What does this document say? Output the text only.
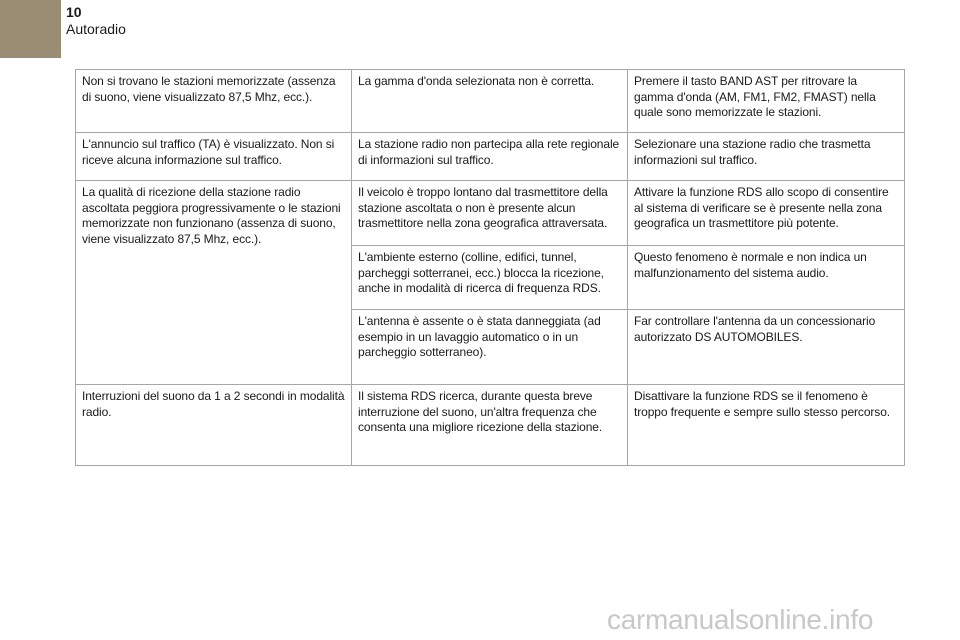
10
Autoradio
Non si trovano le stazioni memorizzate (assenza di suono, viene visualizzato 87,5 Mhz, ecc.).	La gamma d'onda selezionata non è corretta.	Premere il tasto BAND AST per ritrovare la gamma d'onda (AM, FM1, FM2, FMAST) nella quale sono memorizzate le stazioni.
L'annuncio sul traffico (TA) è visualizzato. Non si riceve alcuna informazione sul traffico.	La stazione radio non partecipa alla rete regionale di informazioni sul traffico.	Selezionare una stazione radio che trasmetta informazioni sul traffico.
La qualità di ricezione della stazione radio ascoltata peggiora progressivamente o le stazioni memorizzate non funzionano (assenza di suono, viene visualizzato 87,5 Mhz, ecc.).	Il veicolo è troppo lontano dal trasmettitore della stazione ascoltata o non è presente alcun trasmettitore nella zona geografica attraversata.	Attivare la funzione RDS allo scopo di consentire al sistema di verificare se è presente nella zona geografica un trasmettitore più potente.
	L'ambiente esterno (colline, edifici, tunnel, parcheggi sotterranei, ecc.) blocca la ricezione, anche in modalità di ricerca di frequenza RDS.	Questo fenomeno è normale e non indica un malfunzionamento del sistema audio.
	L'antenna è assente o è stata danneggiata (ad esempio in un lavaggio automatico o in un parcheggio sotterraneo).	Far controllare l'antenna da un concessionario autorizzato DS AUTOMOBILES.
Interruzioni del suono da 1 a 2 secondi in modalità radio.	Il sistema RDS ricerca, durante questa breve interruzione del suono, un'altra frequenza che consenta una migliore ricezione della stazione.	Disattivare la funzione RDS se il fenomeno è troppo frequente e sempre sullo stesso percorso.
carmanualsonline.info
